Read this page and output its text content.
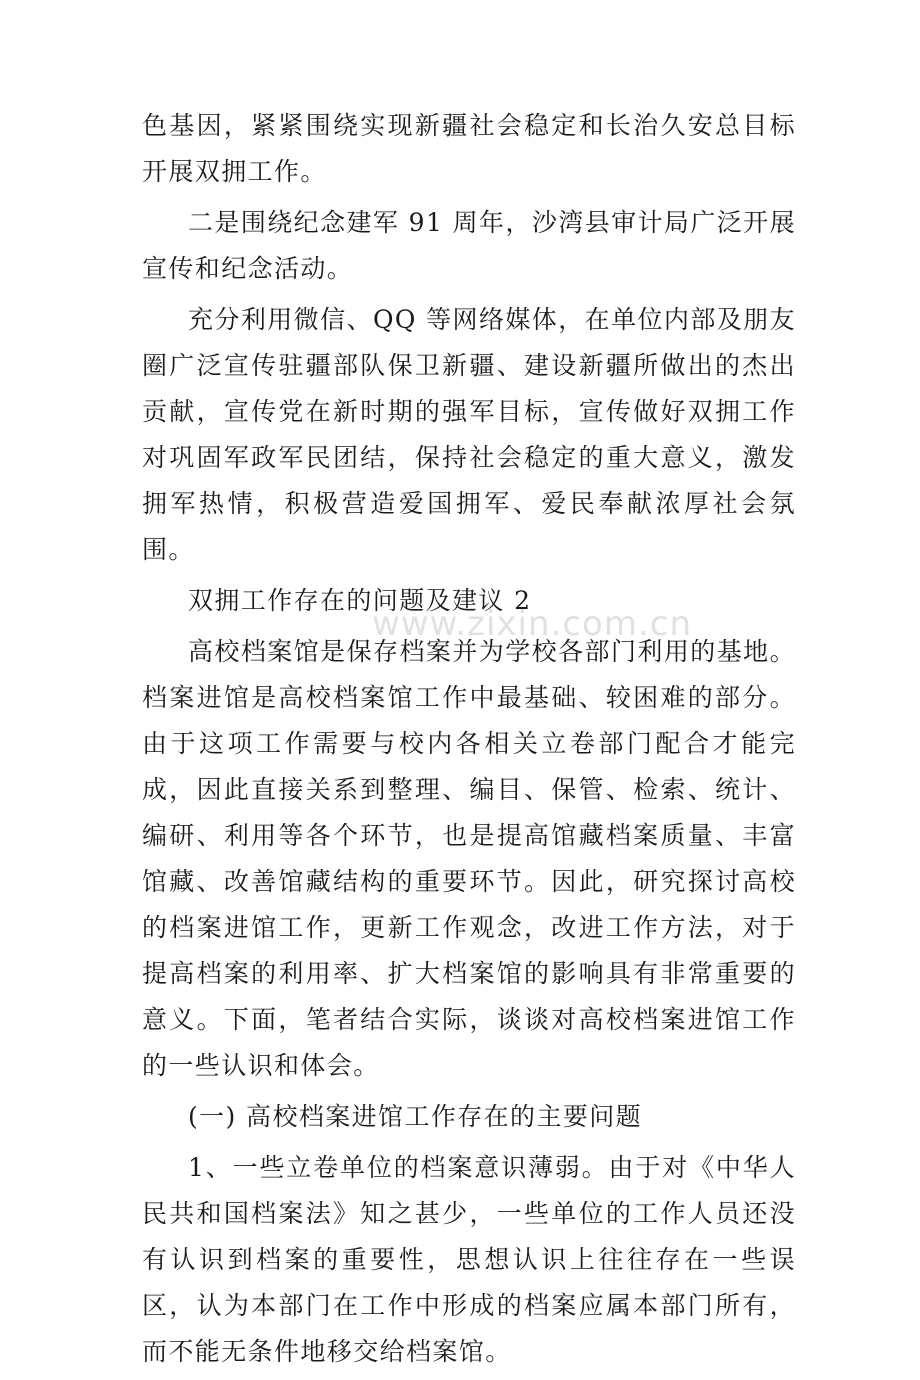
色基因，紧紧围绕实现新疆社会稳定和长治久安总目标开展双拥工作。

二是围绕纪念建军 91 周年，沙湾县审计局广泛开展宣传和纪念活动。

充分利用微信、QQ 等网络媒体，在单位内部及朋友圈广泛宣传驻疆部队保卫新疆、建设新疆所做出的杰出贡献，宣传党在新时期的强军目标，宣传做好双拥工作对巩固军政军民团结，保持社会稳定的重大意义，激发拥军热情，积极营造爱国拥军、爱民奉献浓厚社会氛围。

双拥工作存在的问题及建议 2

高校档案馆是保存档案并为学校各部门利用的基地。档案进馆是高校档案馆工作中最基础、较困难的部分。由于这项工作需要与校内各相关立卷部门配合才能完成，因此直接关系到整理、编目、保管、检索、统计、编研、利用等各个环节，也是提高馆藏档案质量、丰富馆藏、改善馆藏结构的重要环节。因此，研究探讨高校的档案进馆工作，更新工作观念，改进工作方法，对于提高档案的利用率、扩大档案馆的影响具有非常重要的意义。下面，笔者结合实际，谈谈对高校档案进馆工作的一些认识和体会。

(一) 高校档案进馆工作存在的主要问题

1、一些立卷单位的档案意识薄弱。由于对《中华人民共和国档案法》知之甚少，一些单位的工作人员还没有认识到档案的重要性，思想认识上往往存在一些误区，认为本部门在工作中形成的档案应属本部门所有，而不能无条件地移交给档案馆。

www.zixin.com.cn
